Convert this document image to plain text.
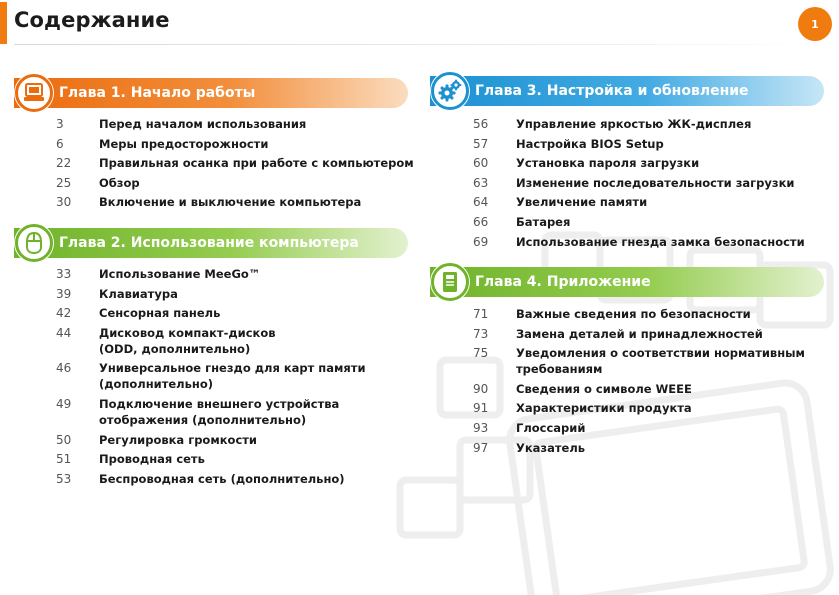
Содержание	1
Глава 1. Начало работы
3	Перед началом использования
6	Меры предосторожности
22	Правильная осанка при работе с компьютером
25	Обзор
30	Включение и выключение компьютера
Глава 2. Использование компьютера
33	Использование MeeGo™
39	Клавиатура
42	Сенсорная панель
44	Дисковод компакт-дисков
(ODD, дополнительно)
46	Универсальное гнездо для карт памяти
(дополнительно)
49	Подключение внешнего устройства
отображения (дополнительно)
50	Регулировка громкости
51	Проводная сеть
53	Беспроводная сеть (дополнительно)
Глава 3. Настройка и обновление
56	Управление яркостью ЖК-дисплея
57	Настройка BIOS Setup
60	Установка пароля загрузки
63	Изменение последовательности загрузки
64	Увеличение памяти
66	Батарея
69	Использование гнезда замка безопасности
Глава 4. Приложение
71	Важные сведения по безопасности
73	Замена деталей и принадлежностей
75	Уведомления о соответствии нормативным
требованиям
90	Сведения о символе WEEE
91	Характеристики продукта
93	Глоссарий
97	Указатель
